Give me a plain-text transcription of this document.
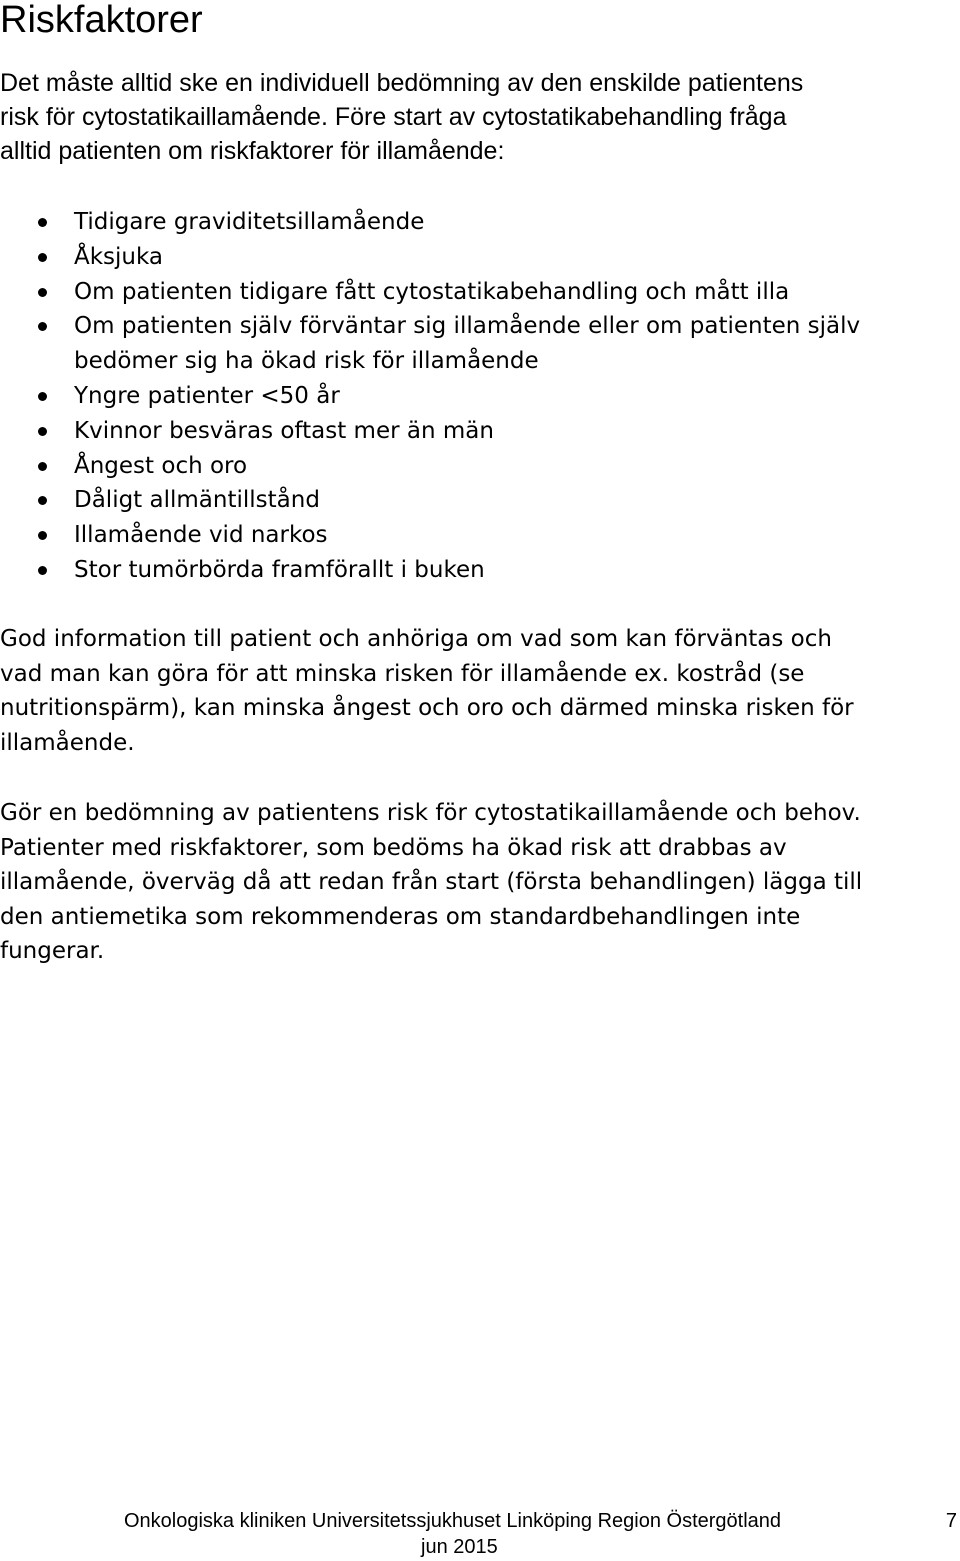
Riskfaktorer

Det måste alltid ske en individuell bedömning av den enskilde patientens
risk för cytostatikaillamående. Före start av cytostatikabehandling fråga
alltid patienten om riskfaktorer för illamående:

Tidigare graviditetsillamående
Åksjuka
Om patienten tidigare fått cytostatikabehandling och mått illa
Om patienten själv förväntar sig illamående eller om patienten själv
bedömer sig ha ökad risk för illamående
Yngre patienter <50 år
Kvinnor besväras oftast mer än män
Ångest och oro
Dåligt allmäntillstånd
Illamående vid narkos
Stor tumörbörda framförallt i buken

God information till patient och anhöriga om vad som kan förväntas och
vad man kan göra för att minska risken för illamående ex. kostråd (se
nutritionspärm), kan minska ångest och oro och därmed minska risken för
illamående.

Gör en bedömning av patientens risk för cytostatikaillamående och behov.
Patienter med riskfaktorer, som bedöms ha ökad risk att drabbas av
illamående, överväg då att redan från start (första behandlingen) lägga till
den antiemetika som rekommenderas om standardbehandlingen inte
fungerar.

Onkologiska kliniken Universitetssjukhuset Linköping Region Östergötland
jun 2015
7
